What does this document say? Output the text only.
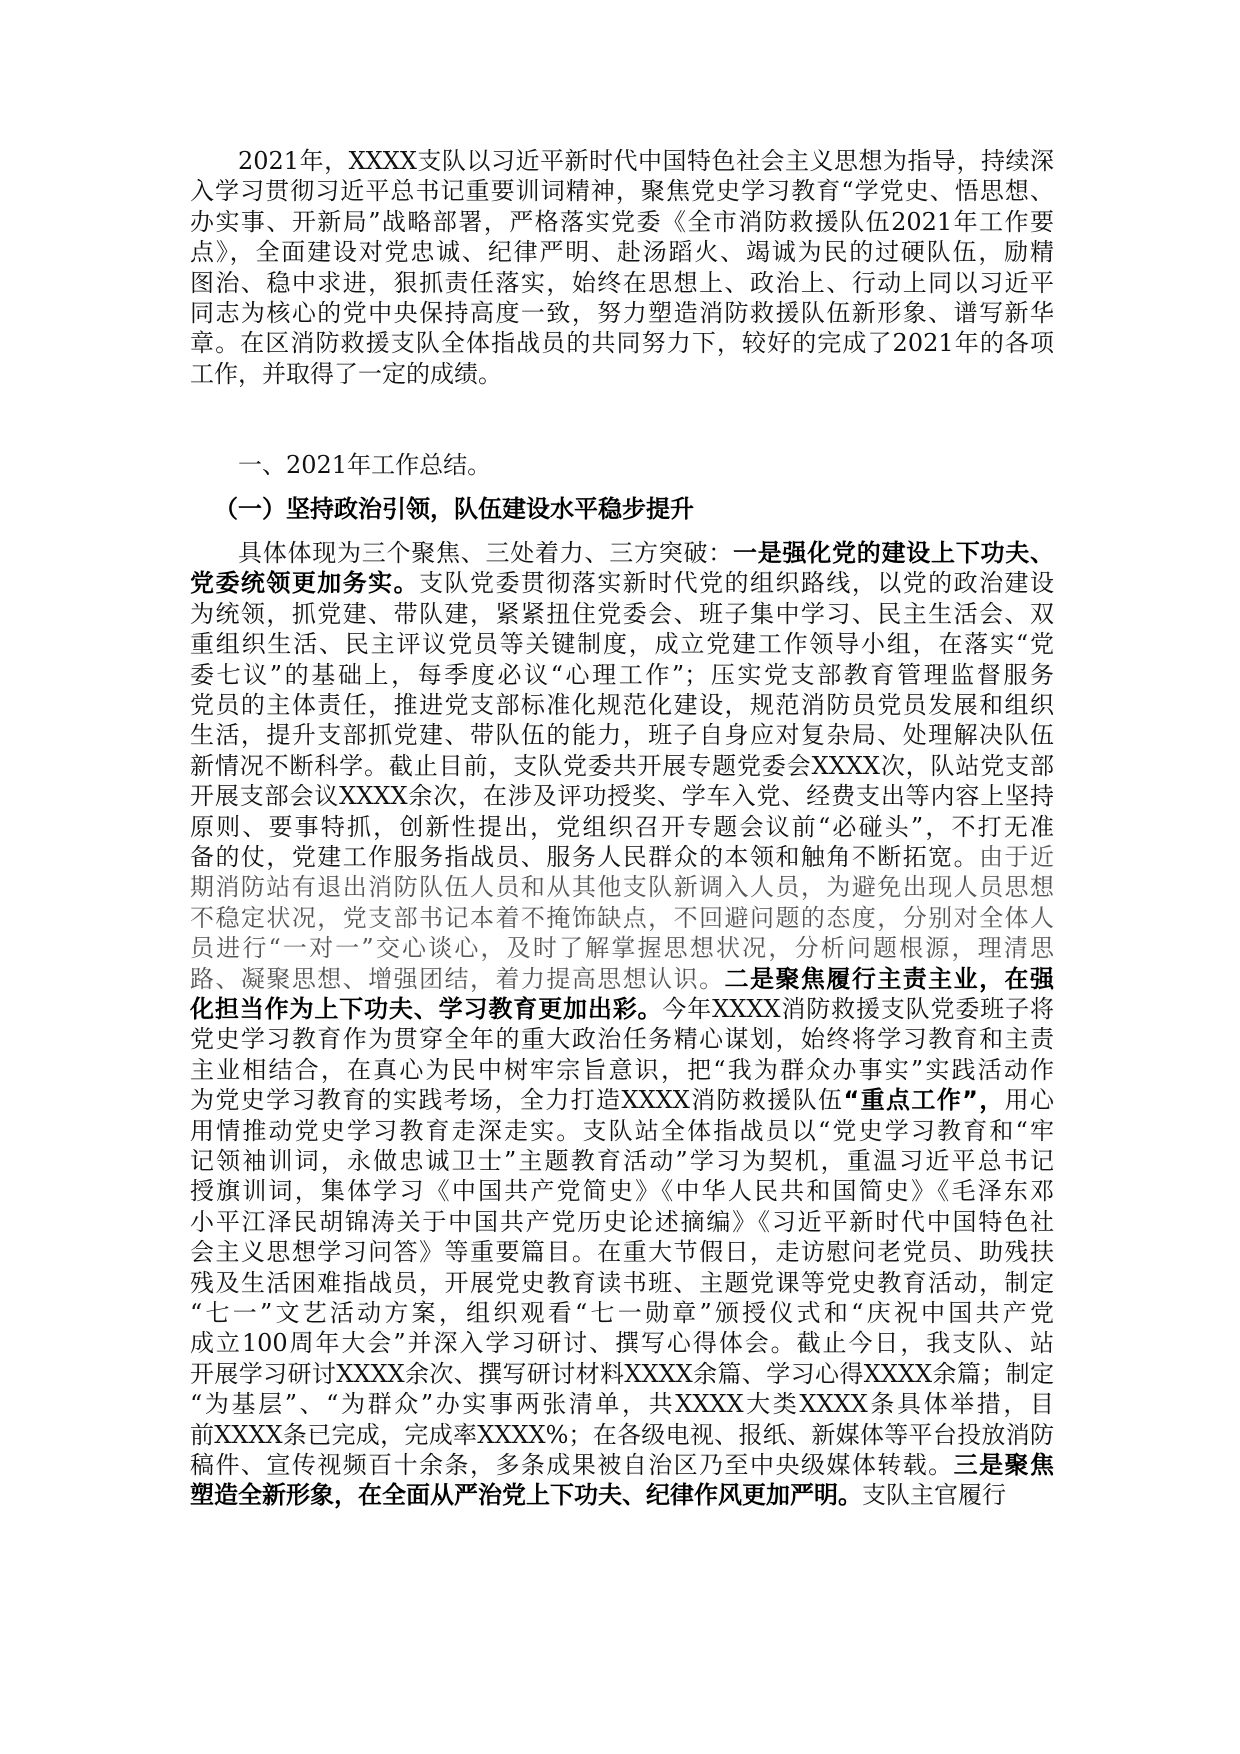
2021年，XXXX支队以习近平新时代中国特色社会主义思想为指导，持续深
入学习贯彻习近平总书记重要训词精神，聚焦党史学习教育“学党史、悟思想、
办实事、开新局”战略部署，严格落实党委《全市消防救援队伍2021年工作要
点》，全面建设对党忠诚、纪律严明、赴汤蹈火、竭诚为民的过硬队伍，励精
图治、稳中求进，狠抓责任落实，始终在思想上、政治上、行动上同以习近平
同志为核心的党中央保持高度一致，努力塑造消防救援队伍新形象、谱写新华
章。在区消防救援支队全体指战员的共同努力下，较好的完成了2021年的各项
工作，并取得了一定的成绩。
一、2021年工作总结。
（一）坚持政治引领，队伍建设水平稳步提升
具体体现为三个聚焦、三处着力、三方突破：一是强化党的建设上下功夫、
党委统领更加务实。支队党委贯彻落实新时代党的组织路线，以党的政治建设
为统领，抓党建、带队建，紧紧扭住党委会、班子集中学习、民主生活会、双
重组织生活、民主评议党员等关键制度，成立党建工作领导小组，在落实“党
委七议”的基础上，每季度必议“心理工作”；压实党支部教育管理监督服务
党员的主体责任，推进党支部标准化规范化建设，规范消防员党员发展和组织
生活，提升支部抓党建、带队伍的能力，班子自身应对复杂局、处理解决队伍
新情况不断科学。截止目前，支队党委共开展专题党委会XXXX次，队站党支部
开展支部会议XXXX余次，在涉及评功授奖、学车入党、经费支出等内容上坚持
原则、要事特抓，创新性提出，党组织召开专题会议前“必碰头”，不打无准
备的仗，党建工作服务指战员、服务人民群众的本领和触角不断拓宽。由于近
期消防站有退出消防队伍人员和从其他支队新调入人员，为避免出现人员思想
不稳定状况，党支部书记本着不掩饰缺点，不回避问题的态度，分别对全体人
员进行“一对一”交心谈心，及时了解掌握思想状况，分析问题根源，理清思
路、凝聚思想、增强团结，着力提高思想认识。二是聚焦履行主责主业，在强
化担当作为上下功夫、学习教育更加出彩。今年XXXX消防救援支队党委班子将
党史学习教育作为贯穿全年的重大政治任务精心谋划，始终将学习教育和主责
主业相结合，在真心为民中树牢宗旨意识，把“我为群众办事实”实践活动作
为党史学习教育的实践考场，全力打造XXXX消防救援队伍“重点工作”，用心
用情推动党史学习教育走深走实。支队站全体指战员以“党史学习教育和“牢
记领袖训词，永做忠诚卫士”主题教育活动”学习为契机，重温习近平总书记
授旗训词，集体学习《中国共产党简史》《中华人民共和国简史》《毛泽东邓
小平江泽民胡锦涛关于中国共产党历史论述摘编》《习近平新时代中国特色社
会主义思想学习问答》等重要篇目。在重大节假日，走访慰问老党员、助残扶
残及生活困难指战员，开展党史教育读书班、主题党课等党史教育活动，制定
“七一”文艺活动方案，组织观看“七一勋章”颁授仪式和“庆祝中国共产党
成立100周年大会”并深入学习研讨、撰写心得体会。截止今日，我支队、站
开展学习研讨XXXX余次、撰写研讨材料XXXX余篇、学习心得XXXX余篇；制定
“为基层”、“为群众”办实事两张清单，共XXXX大类XXXX条具体举措，目
前XXXX条已完成，完成率XXXX%；在各级电视、报纸、新媒体等平台投放消防
稿件、宣传视频百十余条，多条成果被自治区乃至中央级媒体转载。三是聚焦
塑造全新形象，在全面从严治党上下功夫、纪律作风更加严明。支队主官履行
